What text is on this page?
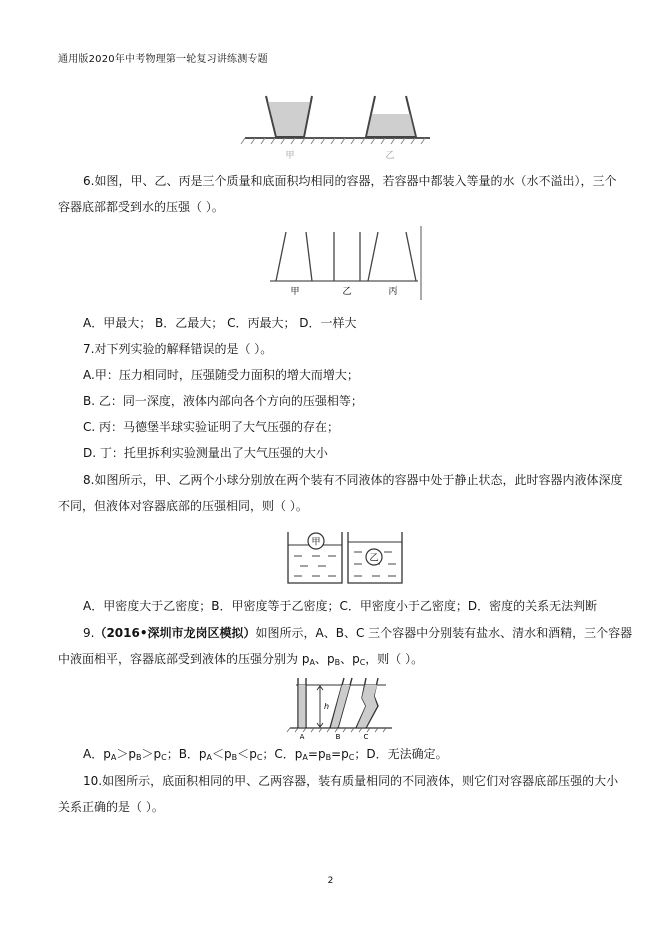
通用版2020年中考物理第一轮复习讲练测专题
甲	乙
6.如图，甲、乙、丙是三个质量和底面积均相同的容器，若容器中都装入等量的水（水不溢出），三个
容器底部都受到水的压强（ ）。
甲	乙	丙
A．甲最大； B．乙最大； C．丙最大； D．一样大
7.对下列实验的解释错误的是（ ）。
A.甲：压力相同时，压强随受力面积的增大而增大；
B. 乙：同一深度，液体内部向各个方向的压强相等；
C. 丙：马德堡半球实验证明了大气压强的存在；
D. 丁：托里拆利实验测量出了大气压强的大小
8.如图所示，甲、乙两个小球分别放在两个装有不同液体的容器中处于静止状态，此时容器内液体深度
不同，但液体对容器底部的压强相同，则（ ）。
甲
乙
A．甲密度大于乙密度；B．甲密度等于乙密度；C．甲密度小于乙密度；D．密度的关系无法判断
9.（2016•深圳市龙岗区模拟）如图所示，A、B、C 三个容器中分别装有盐水、清水和酒精，三个容器
中液面相平，容器底部受到液体的压强分别为 $p_A$、$p_B$、$p_C$，则（ ）。
h
A	B	C
A．$p_A>p_B>p_C$；B．$p_A<p_B<p_C$；C．$p_A=p_B=p_C$；D．无法确定。
10.如图所示，底面积相同的甲、乙两容器，装有质量相同的不同液体，则它们对容器底部压强的大小
关系正确的是（ ）。
2
